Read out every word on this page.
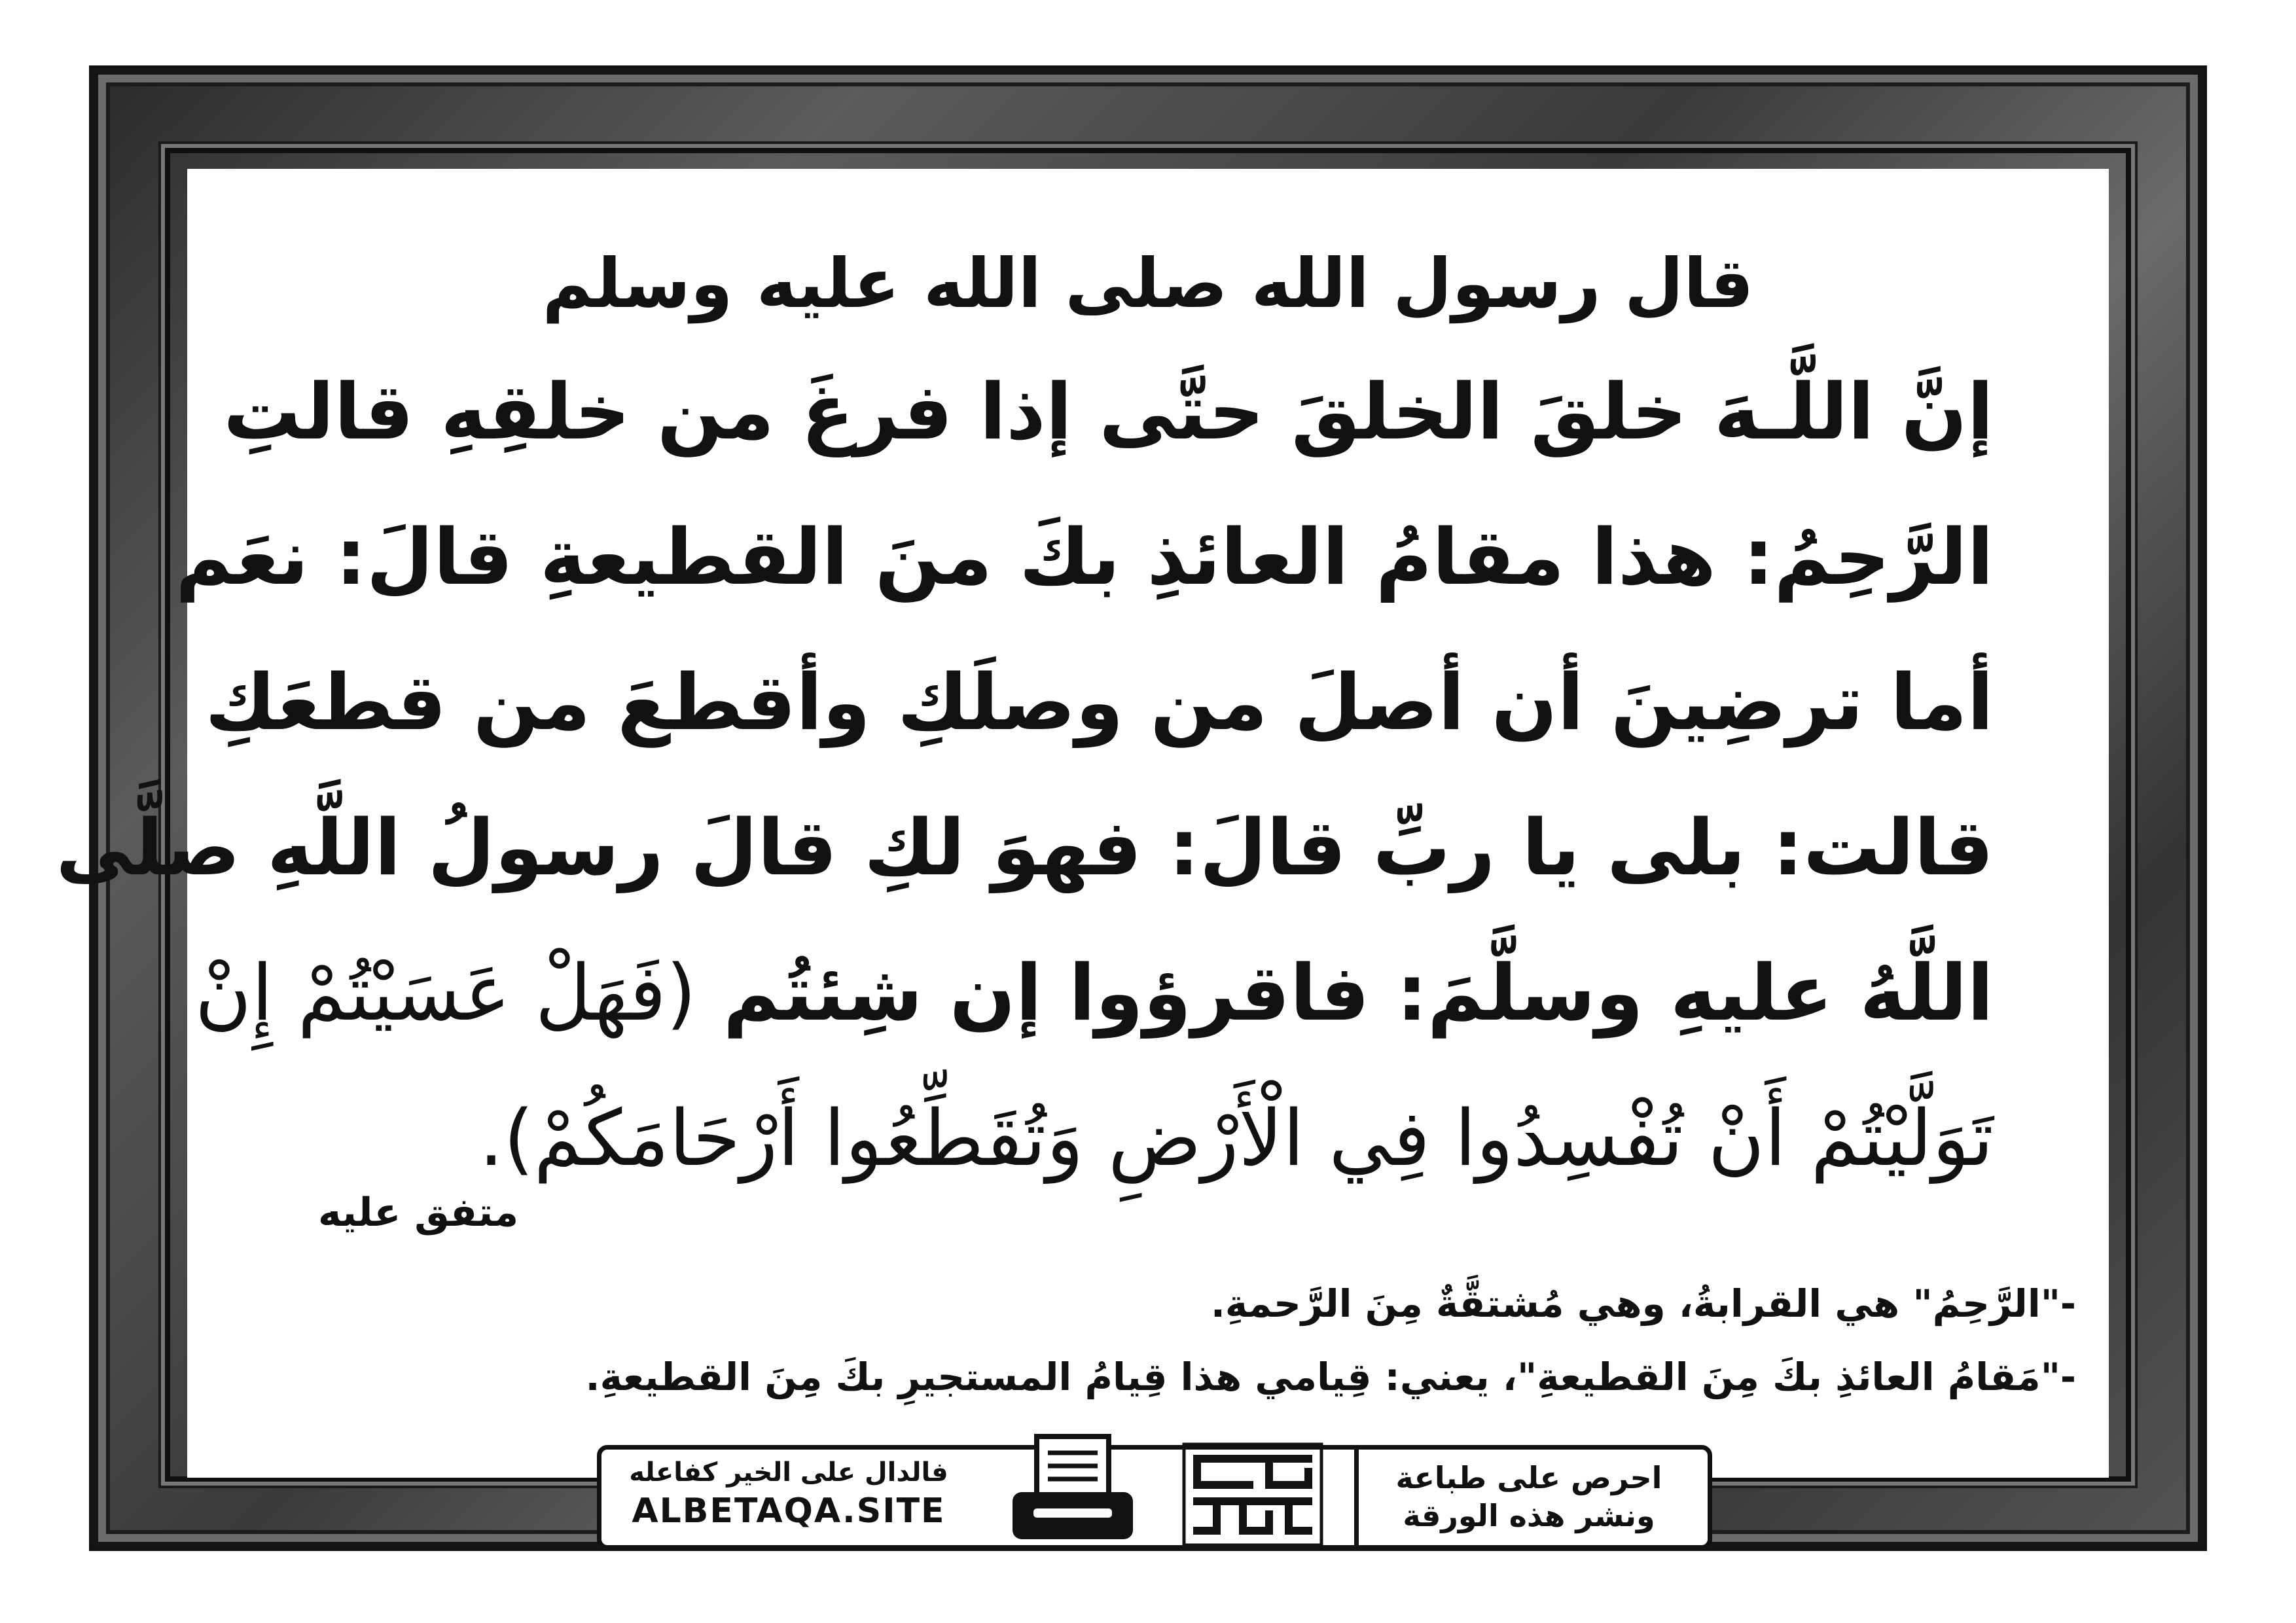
قال رسول الله صلى الله عليه وسلم
إنَّ اللَّـهَ خلقَ الخلقَ حتَّى إذا فرغَ من خلقِهِ قالتِ
الرَّحِمُ: هذا مقامُ العائذِ بكَ منَ القطيعةِ قالَ: نعَم
أما ترضِينَ أن أصلَ من وصلَكِ وأقطعَ من قطعَكِ
قالت: بلى يا ربِّ قالَ: فهوَ لكِ قالَ رسولُ اللَّهِ صلَّى
اللَّهُ عليهِ وسلَّمَ: فاقرؤوا إن شِئتُم (فَهَلْ عَسَيْتُمْ إِنْ
تَوَلَّيْتُمْ أَنْ تُفْسِدُوا فِي الْأَرْضِ وَتُقَطِّعُوا أَرْحَامَكُمْ).
متفق عليه
-"الرَّحِمُ" هي القرابةُ، وهي مُشتقَّةٌ مِنَ الرَّحمةِ.
-"مَقامُ العائذِ بكَ مِنَ القطيعةِ"، يعني: قِيامي هذا قِيامُ المستجيرِ بكَ مِنَ القطيعةِ.
فالدال على الخير كفاعله
ALBETAQA.SITE
دعوة الورقة
احرص على طباعة
ونشر هذه الورقة
